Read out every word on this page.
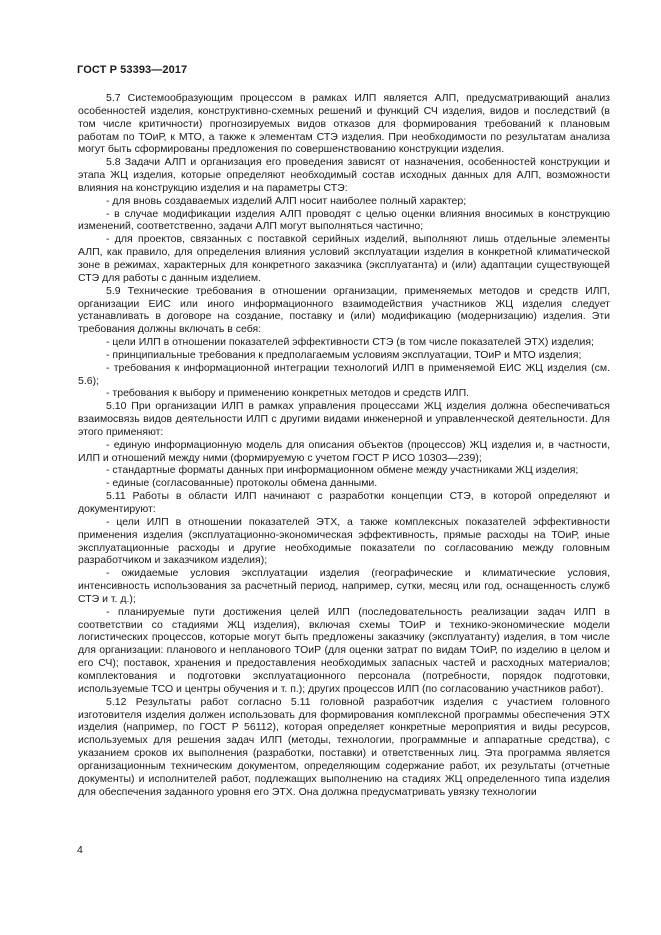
ГОСТ Р 53393—2017

5.7 Системообразующим процессом в рамках ИЛП является АЛП, предусматривающий анализ особенностей изделия, конструктивно-схемных решений и функций СЧ изделия, видов и последствий (в том числе критичности) прогнозируемых видов отказов для формирования требований к плановым работам по ТОиР, к МТО, а также к элементам СТЭ изделия. При необходимости по результатам анализа могут быть сформированы предложения по совершенствованию конструкции изделия.

5.8 Задачи АЛП и организация его проведения зависят от назначения, особенностей конструкции и этапа ЖЦ изделия, которые определяют необходимый состав исходных данных для АЛП, возможности влияния на конструкцию изделия и на параметры СТЭ:

- для вновь создаваемых изделий АЛП носит наиболее полный характер;

- в случае модификации изделия АЛП проводят с целью оценки влияния вносимых в конструкцию изменений, соответственно, задачи АЛП могут выполняться частично;

- для проектов, связанных с поставкой серийных изделий, выполняют лишь отдельные элементы АЛП, как правило, для определения влияния условий эксплуатации изделия в конкретной климатической зоне в режимах, характерных для конкретного заказчика (эксплуатанта) и (или) адаптации существующей СТЭ для работы с данным изделием.

5.9 Технические требования в отношении организации, применяемых методов и средств ИЛП, организации ЕИС или иного информационного взаимодействия участников ЖЦ изделия следует устанавливать в договоре на создание, поставку и (или) модификацию (модернизацию) изделия. Эти требования должны включать в себя:

- цели ИЛП в отношении показателей эффективности СТЭ (в том числе показателей ЭТХ) изделия;

- принципиальные требования к предполагаемым условиям эксплуатации, ТОиР и МТО изделия;

- требования к информационной интеграции технологий ИЛП в применяемой ЕИС ЖЦ изделия (см. 5.6);

- требования к выбору и применению конкретных методов и средств ИЛП.

5.10 При организации ИЛП в рамках управления процессами ЖЦ изделия должна обеспечиваться взаимосвязь видов деятельности ИЛП с другими видами инженерной и управленческой деятельности. Для этого применяют:

- единую информационную модель для описания объектов (процессов) ЖЦ изделия и, в частности, ИЛП и отношений между ними (формируемую с учетом ГОСТ Р ИСО 10303—239);

- стандартные форматы данных при информационном обмене между участниками ЖЦ изделия;

- единые (согласованные) протоколы обмена данными.

5.11 Работы в области ИЛП начинают с разработки концепции СТЭ, в которой определяют и документируют:

- цели ИЛП в отношении показателей ЭТХ, а также комплексных показателей эффективности применения изделия (эксплуатационно-экономическая эффективность, прямые расходы на ТОиР, иные эксплуатационные расходы и другие необходимые показатели по согласованию между головным разработчиком и заказчиком изделия);

- ожидаемые условия эксплуатации изделия (географические и климатические условия, интенсивность использования за расчетный период, например, сутки, месяц или год, оснащенность служб СТЭ и т. д.);

- планируемые пути достижения целей ИЛП (последовательность реализации задач ИЛП в соответствии со стадиями ЖЦ изделия), включая схемы ТОиР и технико-экономические модели логистических процессов, которые могут быть предложены заказчику (эксплуатанту) изделия, в том числе для организации: планового и непланового ТОиР (для оценки затрат по видам ТОиР, по изделию в целом и его СЧ); поставок, хранения и предоставления необходимых запасных частей и расходных материалов; комплектования и подготовки эксплуатационного персонала (потребности, порядок подготовки, используемые ТСО и центры обучения и т. п.); других процессов ИЛП (по согласованию участников работ).

5.12 Результаты работ согласно 5.11 головной разработчик изделия с участием головного изготовителя изделия должен использовать для формирования комплексной программы обеспечения ЭТХ изделия (например, по ГОСТ Р 56112), которая определяет конкретные мероприятия и виды ресурсов, используемых для решения задач ИЛП (методы, технологии, программные и аппаратные средства), с указанием сроков их выполнения (разработки, поставки) и ответственных лиц. Эта программа является организационным техническим документом, определяющим содержание работ, их результаты (отчетные документы) и исполнителей работ, подлежащих выполнению на стадиях ЖЦ определенного типа изделия для обеспечения заданного уровня его ЭТХ. Она должна предусматривать увязку технологии

4
